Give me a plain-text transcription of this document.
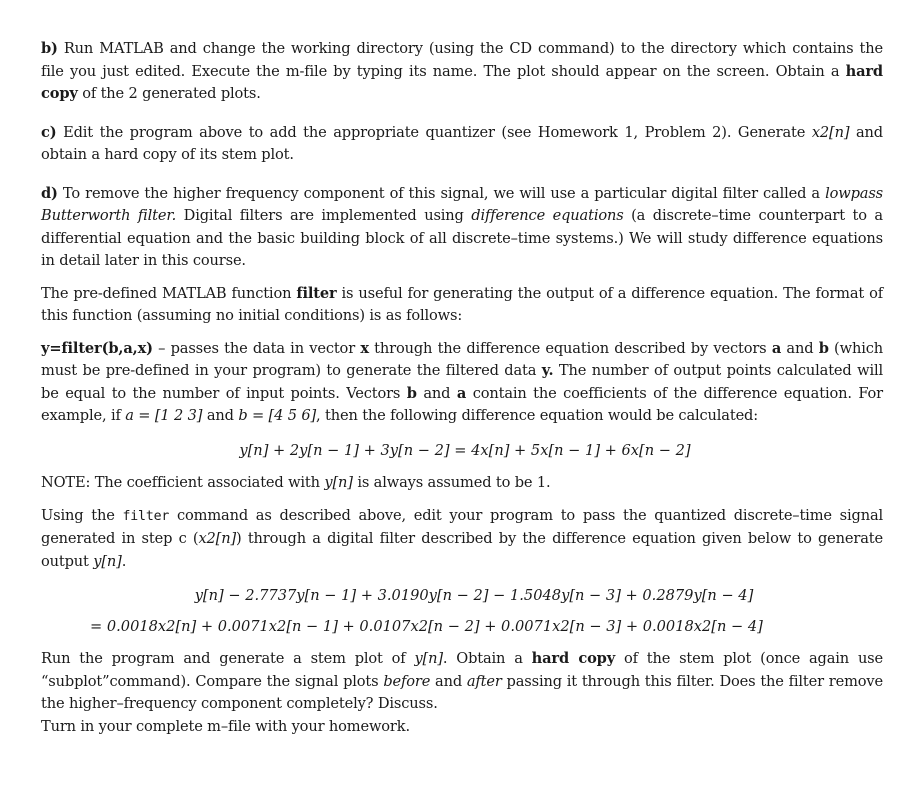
b) Run MATLAB and change the working directory (using the CD command) to the directory which contains the file you just edited. Execute the m-file by typing its name. The plot should appear on the screen. Obtain a hard copy of the 2 generated plots.

c) Edit the program above to add the appropriate quantizer (see Homework 1, Problem 2). Generate x2[n] and obtain a hard copy of its stem plot.

d) To remove the higher frequency component of this signal, we will use a particular digital filter called a lowpass Butterworth filter. Digital filters are implemented using difference equations (a discrete–time counterpart to a differential equation and the basic building block of all discrete–time systems.) We will study difference equations in detail later in this course.

The pre-defined MATLAB function filter is useful for generating the output of a difference equation. The format of this function (assuming no initial conditions) is as follows:

y=filter(b,a,x) – passes the data in vector x through the difference equation described by vectors a and b (which must be pre-defined in your program) to generate the filtered data y. The number of output points calculated will be equal to the number of input points. Vectors b and a contain the coefficients of the difference equation. For example, if a = [1 2 3] and b = [4 5 6], then the following difference equation would be calculated:

y[n] + 2y[n − 1] + 3y[n − 2] = 4x[n] + 5x[n − 1] + 6x[n − 2]

NOTE: The coefficient associated with y[n] is always assumed to be 1.

Using the filter command as described above, edit your program to pass the quantized discrete–time signal generated in step c (x2[n]) through a digital filter described by the difference equation given below to generate output y[n].

y[n] − 2.7737y[n − 1] + 3.0190y[n − 2] − 1.5048y[n − 3] + 0.2879y[n − 4]
= 0.0018x2[n] + 0.0071x2[n − 1] + 0.0107x2[n − 2] + 0.0071x2[n − 3] + 0.0018x2[n − 4]

Run the program and generate a stem plot of y[n]. Obtain a hard copy of the stem plot (once again use “subplot”command). Compare the signal plots before and after passing it through this filter. Does the filter remove the higher–frequency component completely? Discuss.

Turn in your complete m–file with your homework.
